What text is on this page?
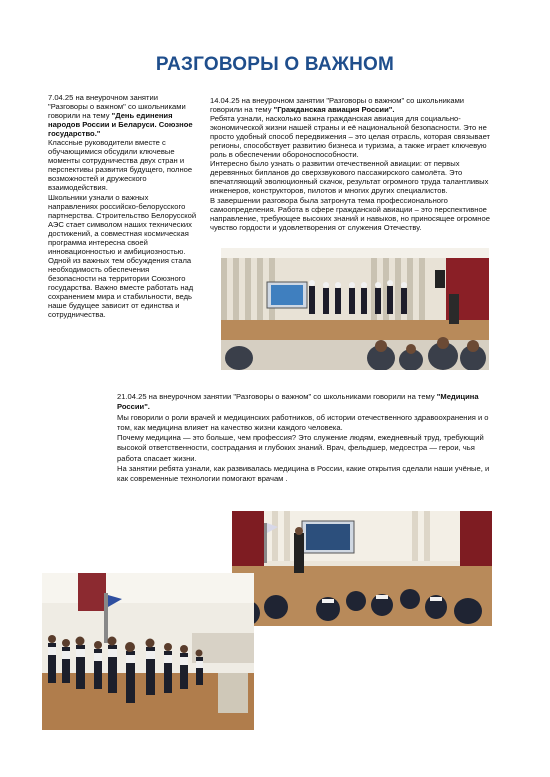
РАЗГОВОРЫ О ВАЖНОМ

7.04.25 на внеурочном занятии "Разговоры о важном" со школьниками говорили на тему "День единения народов России и Беларуси. Союзное государство."

Классные руководители вместе с обучающимися обсудили ключевые моменты сотрудничества двух стран и перспективы развития будущего, полное возможностей и дружеского взаимодействия.

Школьники узнали о важных направлениях российско-белорусского партнерства. Строительство Белорусской АЭС стает символом наших технических достижений, а совместная космическая программа интересна своей инновационностью и амбициозностью.

Одной из важных тем обсуждения стала необходимость обеспечения безопасности на территории Союзного государства. Важно вместе работать над сохранением мира и стабильности, ведь наше будущее зависит от единства и сотрудничества.

14.04.25 на внеурочном занятии "Разговоры о важном" со школьниками говорили на тему "Гражданская авиация России".

Ребята узнали, насколько важна гражданская авиация для социально-экономической жизни нашей страны и её национальной безопасности. Это не просто удобный способ передвижения – это целая отрасль, которая связывает регионы, способствует развитию бизнеса и туризма, а также играет ключевую роль в обеспечении обороноспособности.

Интересно было узнать о развитии отечественной авиации: от первых деревянных бипланов до сверхзвукового пассажирского самолёта. Это впечатляющий эволюционный скачок, результат огромного труда талантливых инженеров, конструкторов, пилотов и многих других специалистов.

В завершении разговора была затронута тема профессионального самоопределения. Работа в сфере гражданской авиации – это перспективное направление, требующее высоких знаний и навыков, но приносящее огромное чувство гордости и удовлетворения от служения Отечеству.

21.04.25 на внеурочном занятии "Разговоры о важном" со школьниками говорили на тему "Медицина России".

Мы говорили о роли врачей и медицинских работников, об истории отечественного здравоохранения и о том, как медицина влияет на качество жизни каждого человека.

Почему медицина — это больше, чем профессия? Это служение людям, ежедневный труд, требующий высокой ответственности, сострадания и глубоких знаний. Врач, фельдшер, медсестра — герои, чья работа спасает жизни.

На занятии ребята узнали, как развивалась медицина в России, какие открытия сделали наши учёные, и как современные технологии помогают врачам .
